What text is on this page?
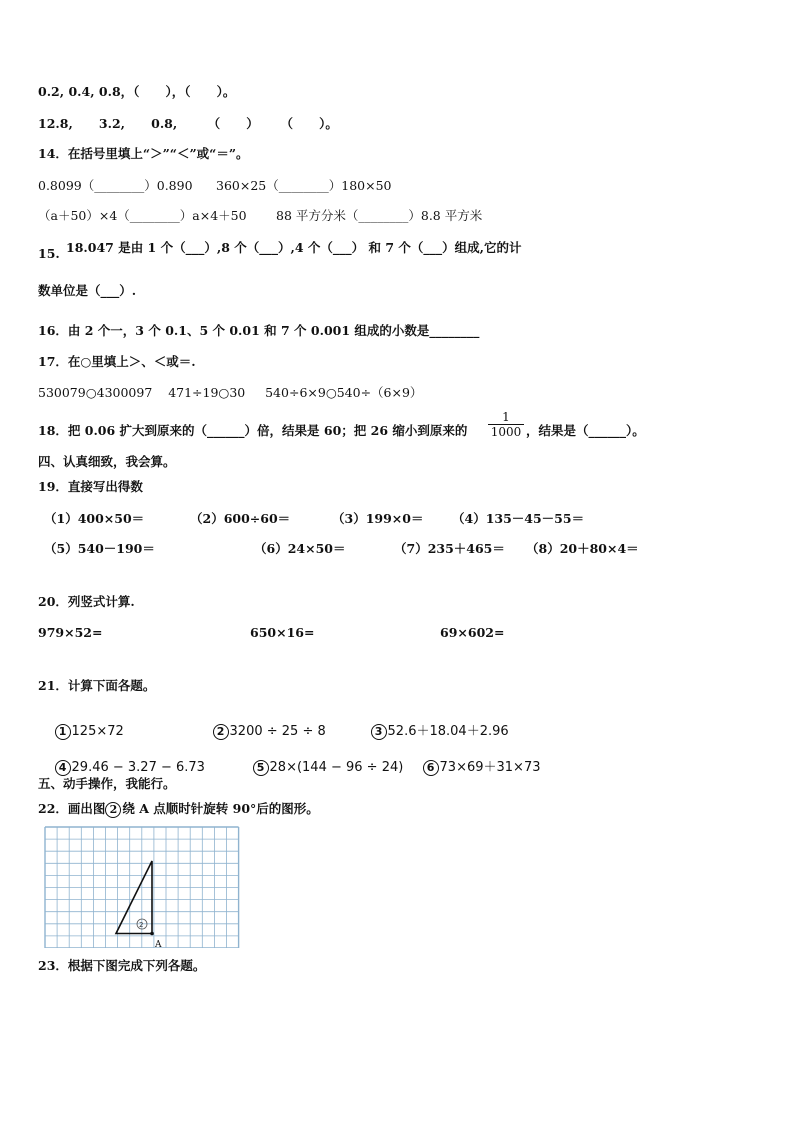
0.2, 0.4, 0.8，（      ），（      ）。
12.8,      3.2,      0.8,       （      ）     （      ）。
14．在括号里填上“＞”“＜”或“＝”。
0.8099（________）0.890 360×25（________）180×50
（a＋50）×4（________）a×4＋50 88 平方分米（________）8.8 平方米
15. 18.047 是由 1 个（___）,8 个（___）,4 个（___） 和 7 个（___）组成,它的计
数单位是（___）.
16．由 2 个一，3 个 0.1、5 个 0.01 和 7 个 0.001 组成的小数是________
17．在○里填上＞、＜或＝.
530079○4300097    471÷19○30     540÷6×9○540÷（6×9）
18．把 0.06 扩大到原来的（______）倍，结果是 60；把 26 缩小到原来的 $\frac{1}{1000}$ ，结果是（______）。
四、认真细致，我会算。
19．直接写出得数
（1）400×50＝	（2）600÷60＝	（3）199×0＝ （4）135－45－55＝
（5）540－190＝	（6）24×50＝	（7）235＋465＝ （8）20＋80×4＝
20．列竖式计算.
979×52=	650×16=	69×602=
21．计算下面各题。

1 125×72
	2 3200 ÷ 25 ÷ 8
	3 52.6＋18.04＋2.96

4 29.46 − 3.27 − 6.73
	5 28×(144 − 96 ÷ 24)
	6 73×69＋31×73

五、动手操作，我能行。
22．画出图 2 绕 A 点顺时针旋转 90°后的图形。
2
A
23．根据下图完成下列各题。
